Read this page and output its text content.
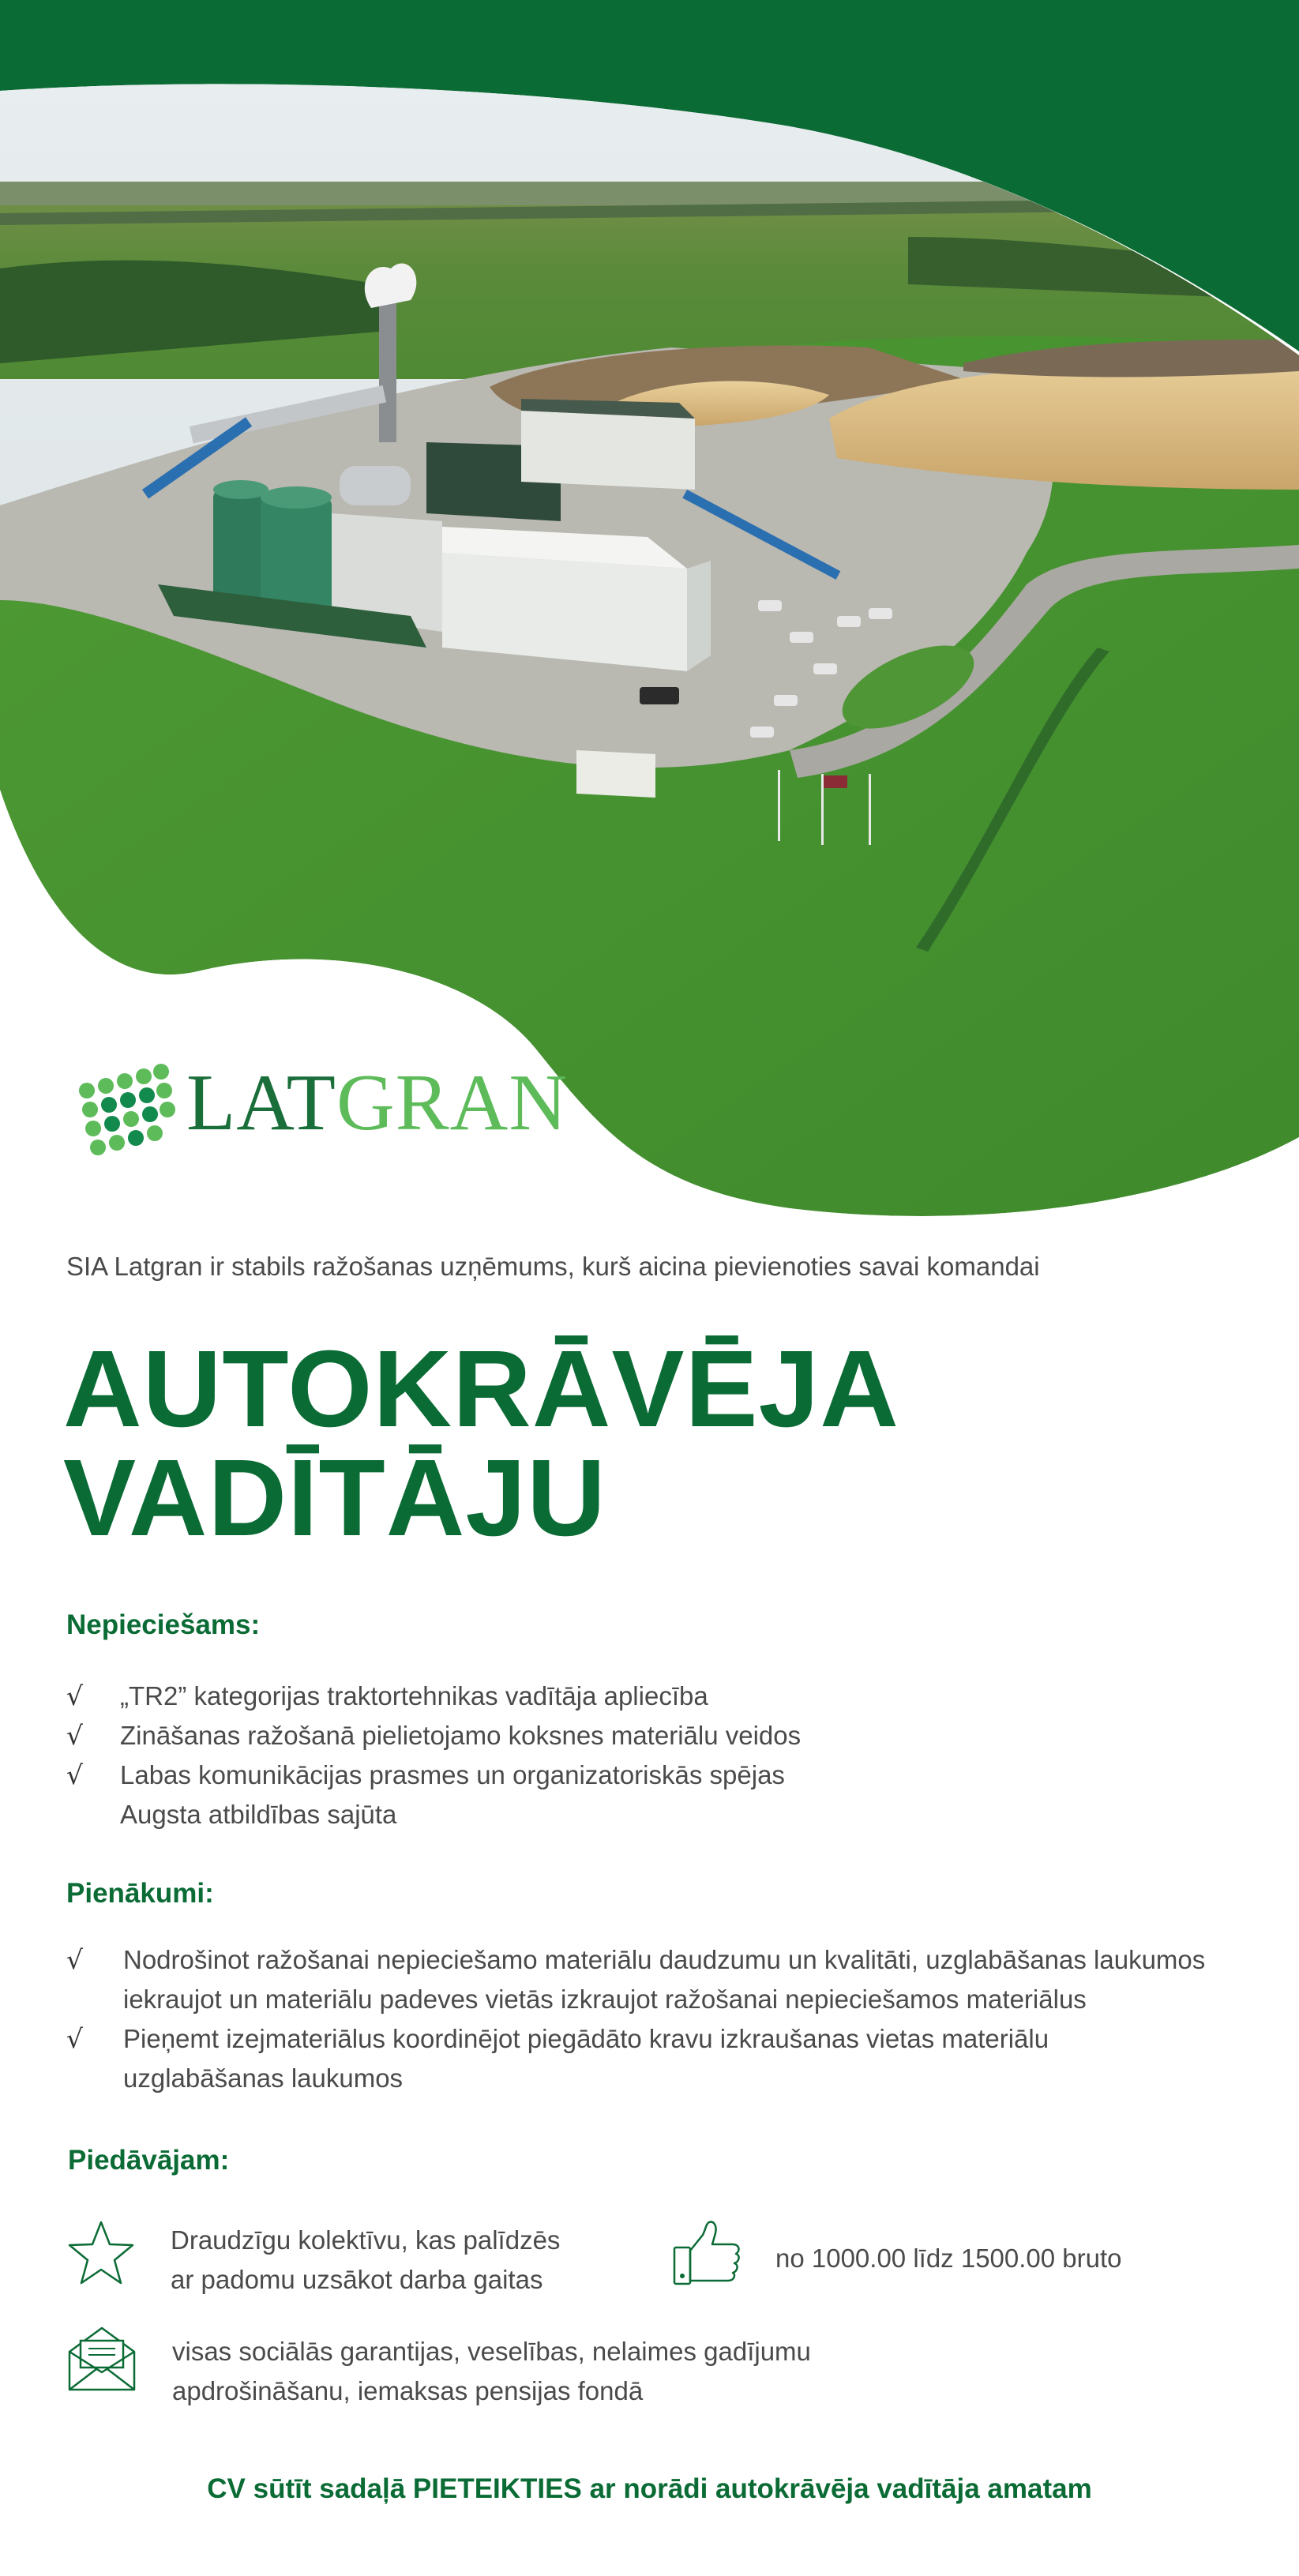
LATGRAN
SIA Latgran ir stabils ražošanas uzņēmums, kurš aicina pievienoties savai komandai
AUTOKRĀVĒJA
VADĪTĀJU
Nepieciešams:
√ „TR2” kategorijas traktortehnikas vadītāja apliecība
√ Zināšanas ražošanā pielietojamo koksnes materiālu veidos
√ Labas komunikācijas prasmes un organizatoriskās spējas
Augsta atbildības sajūta
Pienākumi:
√ Nodrošinot ražošanai nepieciešamo materiālu daudzumu un kvalitāti, uzglabāšanas laukumos
iekraujot un materiālu padeves vietās izkraujot ražošanai nepieciešamos materiālus
√ Pieņemt izejmateriālus koordinējot piegādāto kravu izkraušanas vietas materiālu
uzglabāšanas laukumos
Piedāvājam:
Draudzīgu kolektīvu, kas palīdzēs
ar padomu uzsākot darba gaitas
no 1000.00 līdz 1500.00 bruto
visas sociālās garantijas, veselības, nelaimes gadījumu
apdrošināšanu, iemaksas pensijas fondā
CV sūtīt sadaļā PIETEIKTIES ar norādi autokrāvēja vadītāja amatam
